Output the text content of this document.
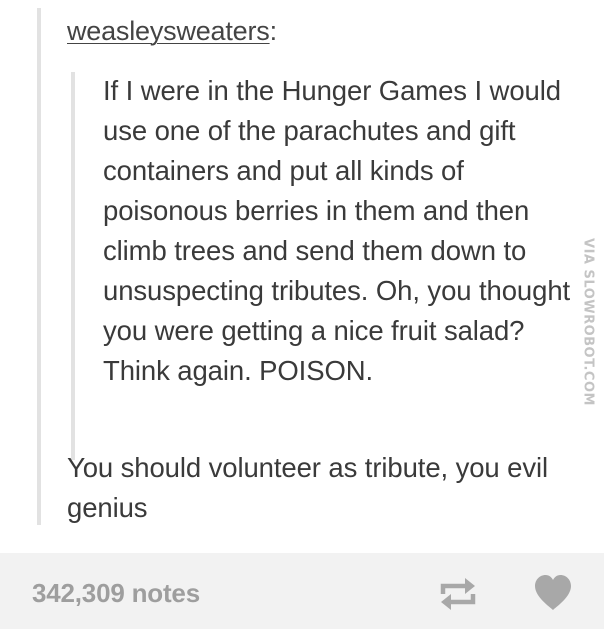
weasleysweaters:

If I were in the Hunger Games I would use one of the parachutes and gift containers and put all kinds of poisonous berries in them and then climb trees and send them down to unsuspecting tributes. Oh, you thought you were getting a nice fruit salad? Think again. POISON.

You should volunteer as tribute, you evil genius

VIA SLOWROBOT.COM
342,309 notes
